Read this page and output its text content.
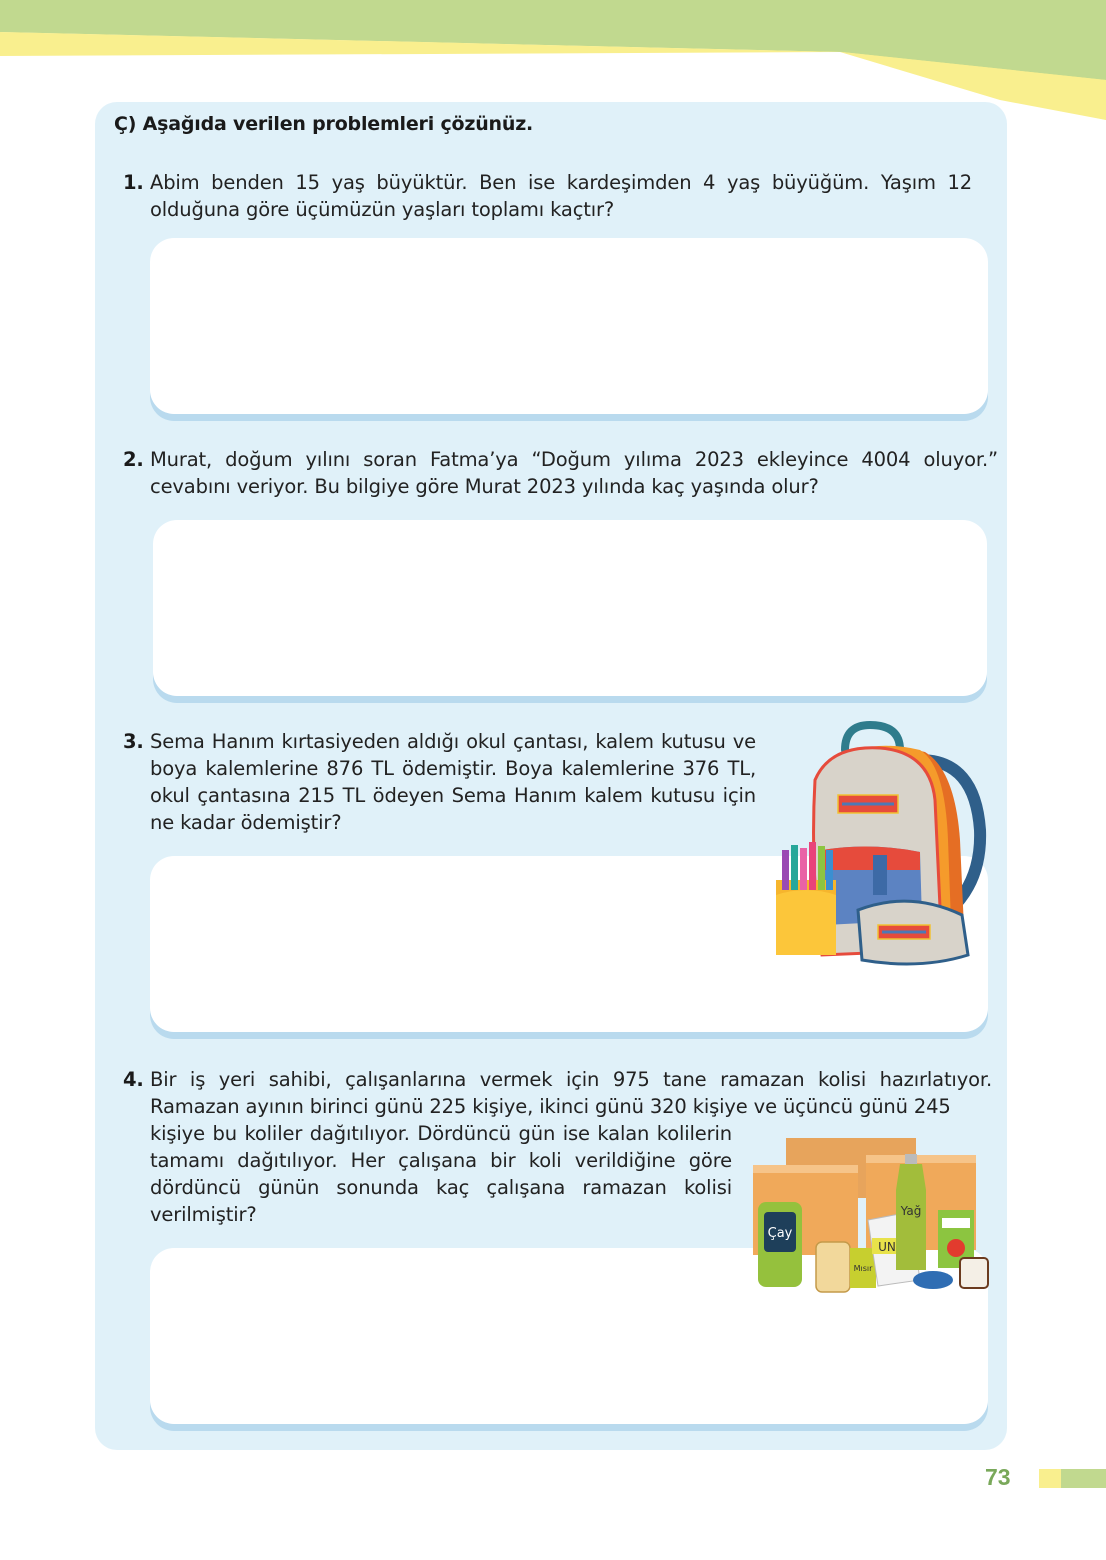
Ç) Aşağıda verilen problemleri çözünüz.
1. Abim benden 15 yaş büyüktür. Ben ise kardeşimden 4 yaş büyüğüm. Yaşım 12 olduğuna göre üçümüzün yaşları toplamı kaçtır?
2. Murat, doğum yılını soran Fatma’ya “Doğum yılıma 2023 ekleyince 4004 oluyor.” cevabını veriyor. Bu bilgiye göre Murat 2023 yılında kaç yaşında olur?
3. Sema Hanım kırtasiyeden aldığı okul çantası, kalem kutusu ve boya kalemlerine 876 TL ödemiştir. Boya kalemlerine 376 TL, okul çantasına 215 TL ödeyen Sema Hanım kalem kutusu için ne kadar ödemiştir?
4. Bir iş yeri sahibi, çalışanlarına vermek için 975 tane ramazan kolisi hazırlatıyor. Ramazan ayının birinci günü 225 kişiye, ikinci günü 320 kişiye ve üçüncü günü 245
kişiye bu koliler dağıtılıyor. Dördüncü gün ise kalan kolilerin tamamı dağıtılıyor. Her çalışana bir koli verildiğine göre dördüncü günün sonunda kaç çalışana ramazan kolisi verilmiştir?
Çay
Mısır
UN
Yağ
73
